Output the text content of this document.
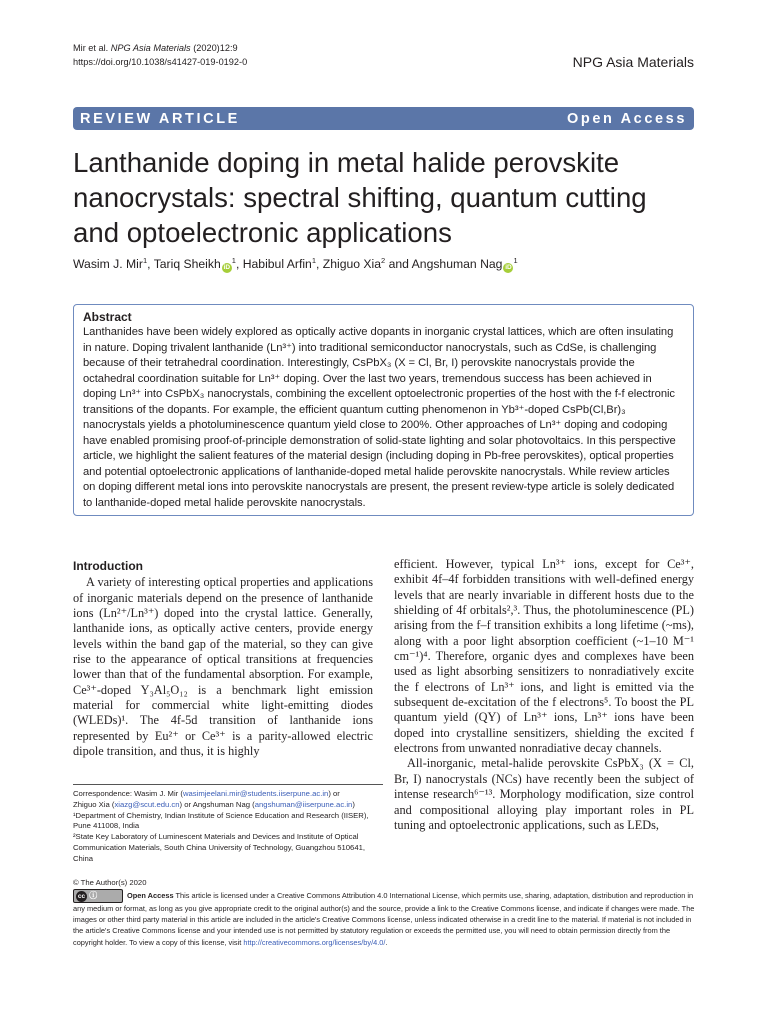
Mir et al. NPG Asia Materials (2020)12:9
https://doi.org/10.1038/s41427-019-0192-0	NPG Asia Materials
REVIEW ARTICLE	Open Access
Lanthanide doping in metal halide perovskite nanocrystals: spectral shifting, quantum cutting and optoelectronic applications
Wasim J. Mir$^1$, Tariq Sheikh $iD^1$, Habibul Arfin$^1$, Zhiguo Xia$^2$ and Angshuman Nag $iD^1$
Abstract

Lanthanides have been widely explored as optically active dopants in inorganic crystal lattices, which are often insulating in nature. Doping trivalent lanthanide (Ln³⁺) into traditional semiconductor nanocrystals, such as CdSe, is challenging because of their tetrahedral coordination. Interestingly, CsPbX₃ (X = Cl, Br, I) perovskite nanocrystals provide the octahedral coordination suitable for Ln³⁺ doping. Over the last two years, tremendous success has been achieved in doping Ln³⁺ into CsPbX₃ nanocrystals, combining the excellent optoelectronic properties of the host with the f-f electronic transitions of the dopants. For example, the efficient quantum cutting phenomenon in Yb³⁺-doped CsPb(Cl,Br)₃ nanocrystals yields a photoluminescence quantum yield close to 200%. Other approaches of Ln³⁺ doping and codoping have enabled promising proof-of-principle demonstration of solid-state lighting and solar photovoltaics. In this perspective article, we highlight the salient features of the material design (including doping in Pb-free perovskites), optical properties and potential optoelectronic applications of lanthanide-doped metal halide perovskite nanocrystals. While review articles on doping different metal ions into perovskite nanocrystals are present, the present review-type article is solely dedicated to lanthanide-doped metal halide perovskite nanocrystals.

Introduction

A variety of interesting optical properties and applications of inorganic materials depend on the presence of lanthanide ions (Ln²⁺/Ln³⁺) doped into the crystal lattice. Generally, lanthanide ions, as optically active centers, provide energy levels within the band gap of the material, so they can give rise to the appearance of optical transitions at frequencies lower than that of the fundamental absorption. For example, Ce³⁺-doped Y₃Al₅O₁₂ is a benchmark light emission material for commercial white light-emitting diodes (WLEDs)¹. The 4f-5d transition of lanthanide ions represented by Eu²⁺ or Ce³⁺ is a parity-allowed electric dipole transition, and thus, it is highly

efficient. However, typical Ln³⁺ ions, except for Ce³⁺, exhibit 4f–4f forbidden transitions with well-defined energy levels that are nearly invariable in different hosts due to the shielding of 4f orbitals²,³. Thus, the photoluminescence (PL) arising from the f–f transition exhibits a long lifetime (~ms), along with a poor light absorption coefficient (~1–10 M⁻¹ cm⁻¹)⁴. Therefore, organic dyes and complexes have been used as light absorbing sensitizers to nonradiatively excite the f electrons of Ln³⁺ ions, and light is emitted via the subsequent de-excitation of the f electrons⁵. To boost the PL quantum yield (QY) of Ln³⁺ ions, Ln³⁺ ions have been doped into crystalline sensitizers, shielding the excited f electrons from unwanted nonradiative decay channels.

All-inorganic, metal-halide perovskite CsPbX₃ (X = Cl, Br, I) nanocrystals (NCs) have recently been the subject of intense research⁶⁻¹³. Morphology modification, size control and compositional alloying play important roles in PL tuning and optoelectronic applications, such as LEDs,

Correspondence: Wasim J. Mir (wasimjeelani.mir@students.iiserpune.ac.in) or
Zhiguo Xia (xiazg@scut.edu.cn) or Angshuman Nag (angshuman@iiserpune.ac.in)
¹Department of Chemistry, Indian Institute of Science Education and Research (IISER), Pune 411008, India
²State Key Laboratory of Luminescent Materials and Devices and Institute of Optical Communication Materials, South China University of Technology, Guangzhou 510641, China
© The Author(s) 2020
cc ⓘ	Open Access This article is licensed under a Creative Commons Attribution 4.0 International License, which permits use, sharing, adaptation, distribution and reproduction in any medium or format, as long as you give appropriate credit to the original author(s) and the source, provide a link to the Creative Commons license, and indicate if changes were made. The images or other third party material in this article are included in the article's Creative Commons license, unless indicated otherwise in a credit line to the material. If material is not included in the article's Creative Commons license and your intended use is not permitted by statutory regulation or exceeds the permitted use, you will need to obtain permission directly from the copyright holder. To view a copy of this license, visit http://creativecommons.org/licenses/by/4.0/.
